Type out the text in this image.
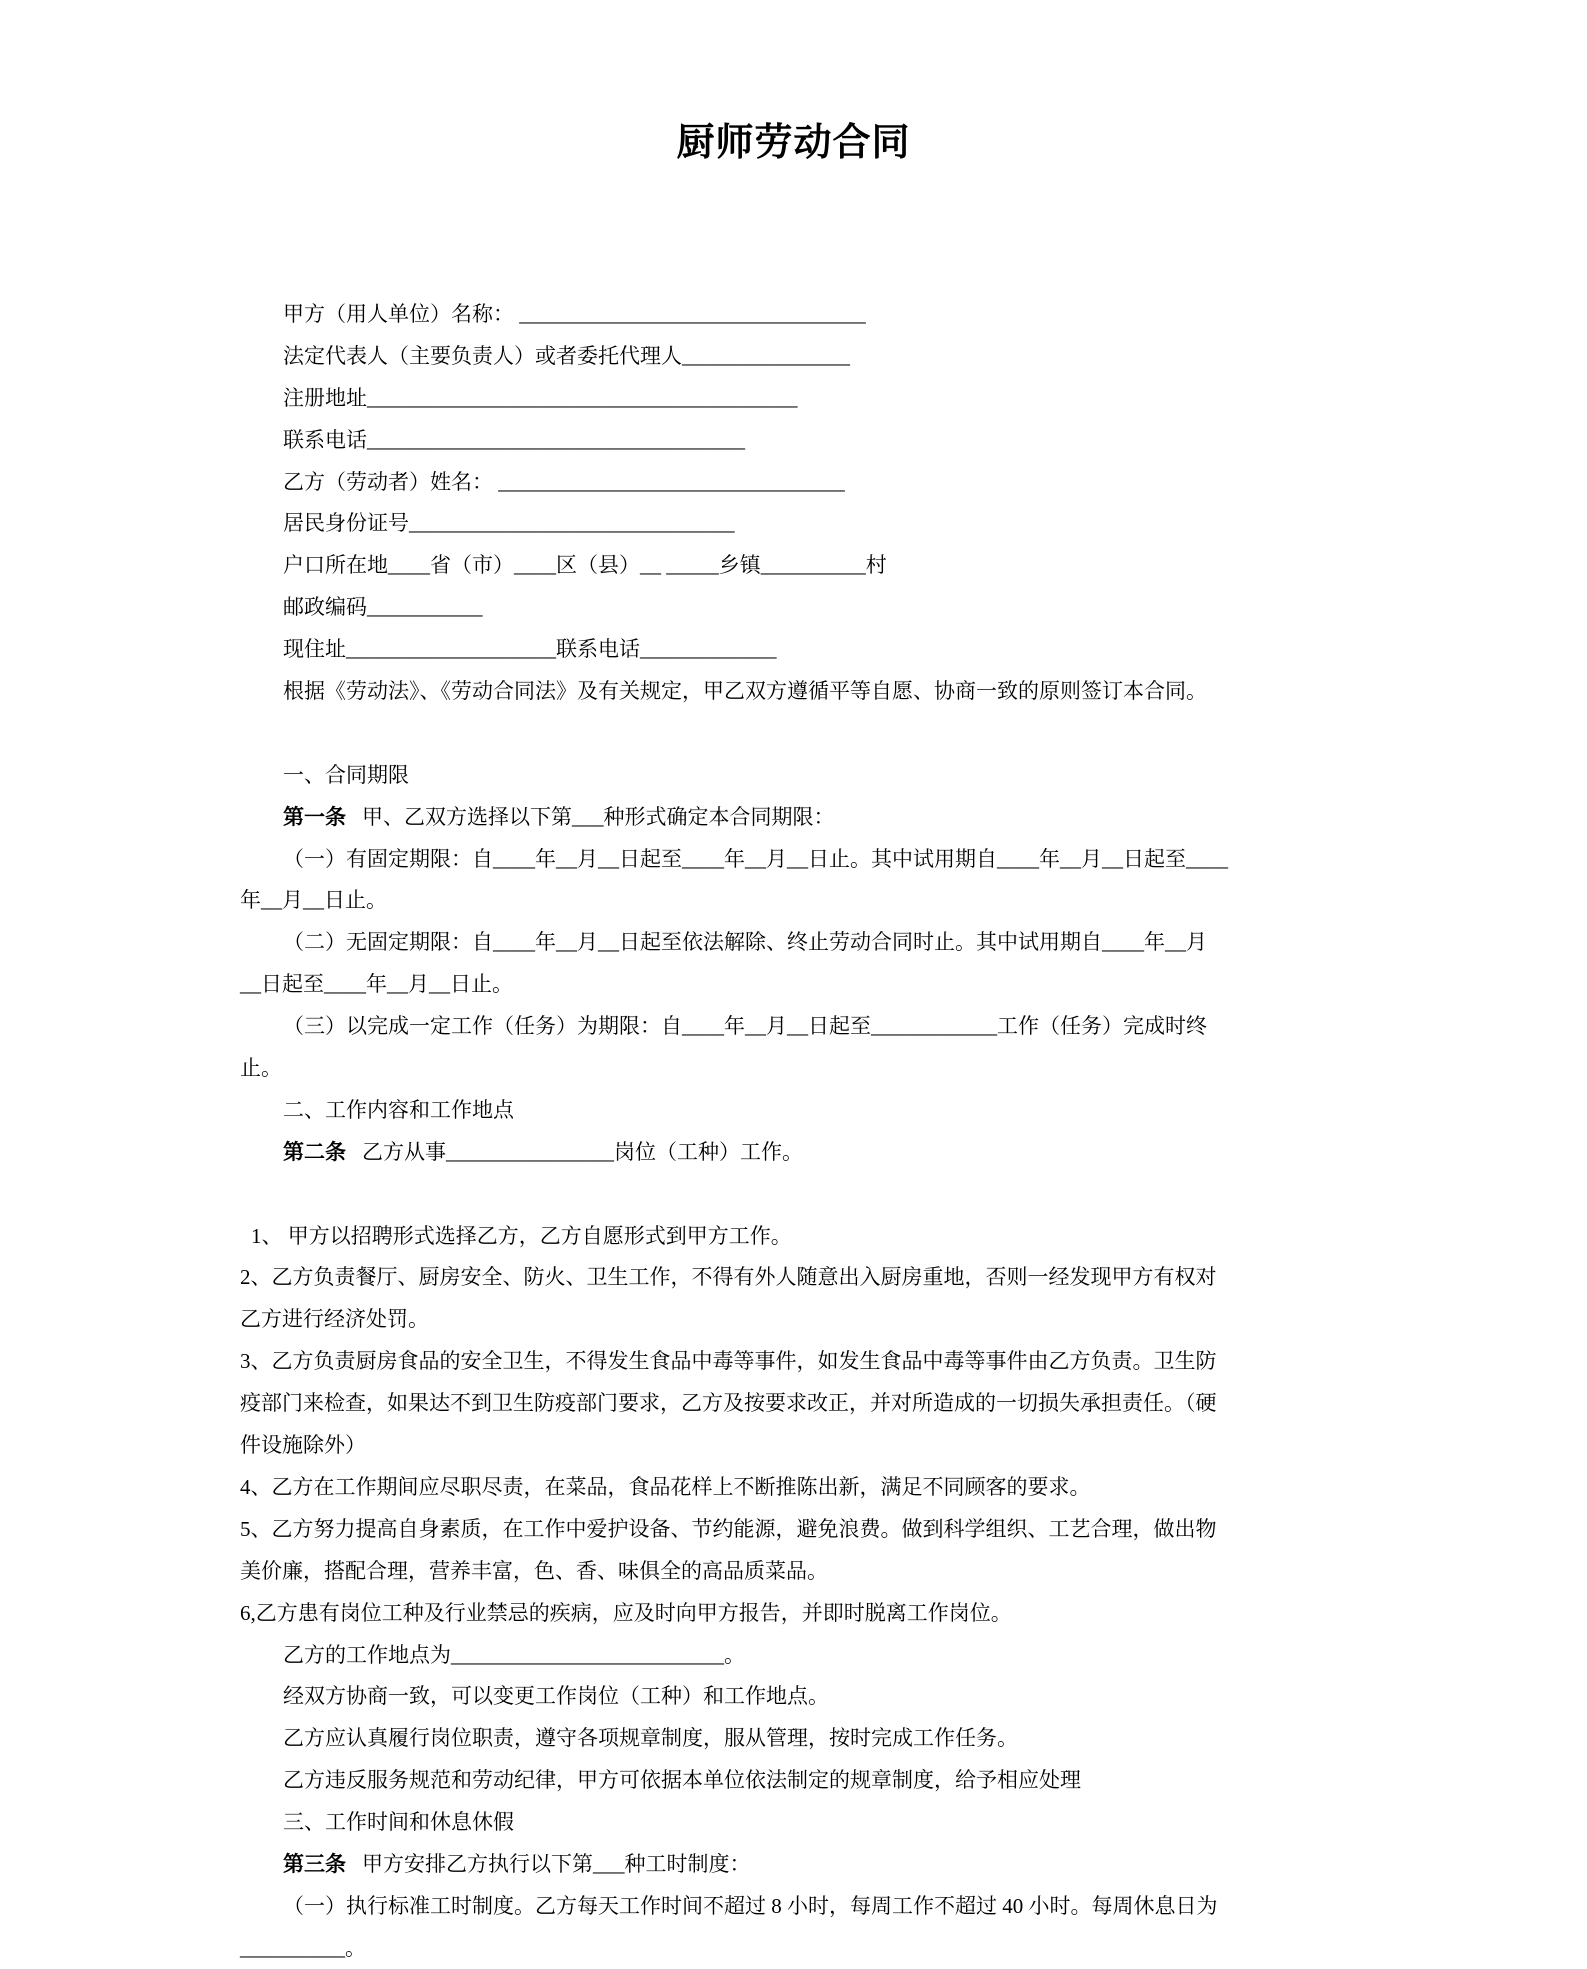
厨师劳动合同
甲方（用人单位）名称： _________________________________
法定代表人（主要负责人）或者委托代理人________________
注册地址_________________________________________
联系电话____________________________________
乙方（劳动者）姓名： _________________________________
居民身份证号_______________________________
户口所在地____省（市）____区（县）__ _____乡镇__________村
邮政编码___________
现住址____________________联系电话_____________
根据《劳动法》、《劳动合同法》及有关规定，甲乙双方遵循平等自愿、协商一致的原则签订本合同。
一、合同期限
第一条 甲、乙双方选择以下第___种形式确定本合同期限：
（一）有固定期限：自____年__月__日起至____年__月__日止。其中试用期自____年__月__日起至____
年__月__日止。
（二）无固定期限：自____年__月__日起至依法解除、终止劳动合同时止。其中试用期自____年__月
__日起至____年__月__日止。
（三）以完成一定工作（任务）为期限：自____年__月__日起至____________工作（任务）完成时终
止。
二、工作内容和工作地点
第二条 乙方从事________________岗位（工种）工作。
1、 甲方以招聘形式选择乙方，乙方自愿形式到甲方工作。
2、乙方负责餐厅、厨房安全、防火、卫生工作，不得有外人随意出入厨房重地，否则一经发现甲方有权对
乙方进行经济处罚。
3、乙方负责厨房食品的安全卫生，不得发生食品中毒等事件，如发生食品中毒等事件由乙方负责。卫生防
疫部门来检查，如果达不到卫生防疫部门要求，乙方及按要求改正，并对所造成的一切损失承担责任。（硬
件设施除外）
4、乙方在工作期间应尽职尽责，在菜品，食品花样上不断推陈出新，满足不同顾客的要求。
5、乙方努力提高自身素质，在工作中爱护设备、节约能源，避免浪费。做到科学组织、工艺合理，做出物
美价廉，搭配合理，营养丰富，色、香、味俱全的高品质菜品。
6,乙方患有岗位工种及行业禁忌的疾病，应及时向甲方报告，并即时脱离工作岗位。
乙方的工作地点为__________________________。
经双方协商一致，可以变更工作岗位（工种）和工作地点。
乙方应认真履行岗位职责，遵守各项规章制度，服从管理，按时完成工作任务。
乙方违反服务规范和劳动纪律，甲方可依据本单位依法制定的规章制度，给予相应处理
三、工作时间和休息休假
第三条 甲方安排乙方执行以下第___种工时制度：
（一）执行标准工时制度。乙方每天工作时间不超过 8 小时，每周工作不超过 40 小时。每周休息日为
__________。
